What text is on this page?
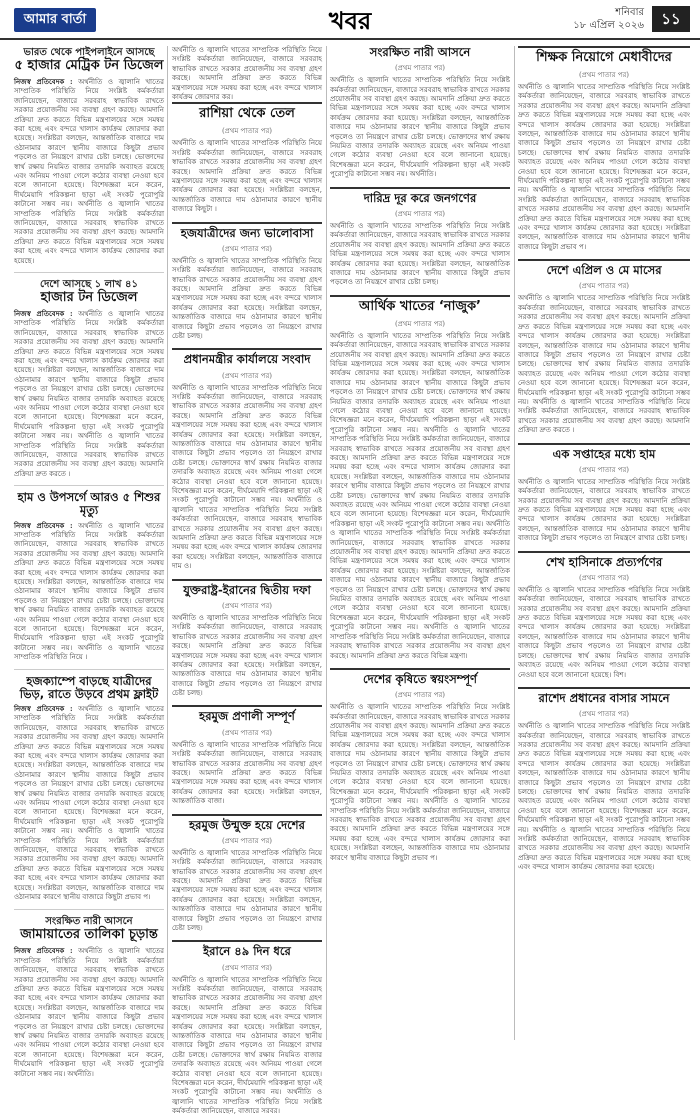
আমার বার্তা	খবর	শনিবার
১৮ এপ্রিল ২০২৬	১১
ভারত থেকে পাইপলাইনে আসছে
৫ হাজার মেট্রিক টন ডিজেল
নিজস্ব প্রতিবেদক : অর্থনীতি ও জ্বালানি খাতের সাম্প্রতিক পরিস্থিতি নিয়ে সংশ্লিষ্ট কর্মকর্তারা জানিয়েছেন, বাজারে সরবরাহ স্বাভাবিক রাখতে সরকার প্রয়োজনীয় সব ব্যবস্থা গ্রহণ করছে। আমদানি প্রক্রিয়া দ্রুত করতে বিভিন্ন মন্ত্রণালয়ের সঙ্গে সমন্বয় করা হচ্ছে এবং বন্দরে খালাস কার্যক্রম জোরদার করা হয়েছে। সংশ্লিষ্টরা বলছেন, আন্তর্জাতিক বাজারে দাম ওঠানামার কারণে স্থানীয় বাজারে কিছুটা প্রভাব পড়লেও তা নিয়ন্ত্রণে রাখার চেষ্টা চলছে। ভোক্তাদের স্বার্থ রক্ষায় নিয়মিত বাজার তদারকি অব্যাহত রয়েছে এবং অনিয়ম পাওয়া গেলে কঠোর ব্যবস্থা নেওয়া হবে বলে জানানো হয়েছে। বিশেষজ্ঞরা মনে করেন, দীর্ঘমেয়াদি পরিকল্পনা ছাড়া এই সংকট পুরোপুরি কাটানো সম্ভব নয়। অর্থনীতি ও জ্বালানি খাতের সাম্প্রতিক পরিস্থিতি নিয়ে সংশ্লিষ্ট কর্মকর্তারা জানিয়েছেন, বাজারে সরবরাহ স্বাভাবিক রাখতে সরকার প্রয়োজনীয় সব ব্যবস্থা গ্রহণ করছে। আমদানি প্রক্রিয়া দ্রুত করতে বিভিন্ন মন্ত্রণালয়ের সঙ্গে সমন্বয় করা হচ্ছে এবং বন্দরে খালাস কার্যক্রম জোরদার করা হয়েছে।
দেশে আসছে ১ লাখ ৪১
হাজার টন ডিজেল
নিজস্ব প্রতিবেদক : অর্থনীতি ও জ্বালানি খাতের সাম্প্রতিক পরিস্থিতি নিয়ে সংশ্লিষ্ট কর্মকর্তারা জানিয়েছেন, বাজারে সরবরাহ স্বাভাবিক রাখতে সরকার প্রয়োজনীয় সব ব্যবস্থা গ্রহণ করছে। আমদানি প্রক্রিয়া দ্রুত করতে বিভিন্ন মন্ত্রণালয়ের সঙ্গে সমন্বয় করা হচ্ছে এবং বন্দরে খালাস কার্যক্রম জোরদার করা হয়েছে। সংশ্লিষ্টরা বলছেন, আন্তর্জাতিক বাজারে দাম ওঠানামার কারণে স্থানীয় বাজারে কিছুটা প্রভাব পড়লেও তা নিয়ন্ত্রণে রাখার চেষ্টা চলছে। ভোক্তাদের স্বার্থ রক্ষায় নিয়মিত বাজার তদারকি অব্যাহত রয়েছে এবং অনিয়ম পাওয়া গেলে কঠোর ব্যবস্থা নেওয়া হবে বলে জানানো হয়েছে। বিশেষজ্ঞরা মনে করেন, দীর্ঘমেয়াদি পরিকল্পনা ছাড়া এই সংকট পুরোপুরি কাটানো সম্ভব নয়। অর্থনীতি ও জ্বালানি খাতের সাম্প্রতিক পরিস্থিতি নিয়ে সংশ্লিষ্ট কর্মকর্তারা জানিয়েছেন, বাজারে সরবরাহ স্বাভাবিক রাখতে সরকার প্রয়োজনীয় সব ব্যবস্থা গ্রহণ করছে। আমদানি প্রক্রিয়া দ্রুত করতে ।
হাম ও উপসর্গে আরও ৫ শিশুর মৃত্যু
নিজস্ব প্রতিবেদক : অর্থনীতি ও জ্বালানি খাতের সাম্প্রতিক পরিস্থিতি নিয়ে সংশ্লিষ্ট কর্মকর্তারা জানিয়েছেন, বাজারে সরবরাহ স্বাভাবিক রাখতে সরকার প্রয়োজনীয় সব ব্যবস্থা গ্রহণ করছে। আমদানি প্রক্রিয়া দ্রুত করতে বিভিন্ন মন্ত্রণালয়ের সঙ্গে সমন্বয় করা হচ্ছে এবং বন্দরে খালাস কার্যক্রম জোরদার করা হয়েছে। সংশ্লিষ্টরা বলছেন, আন্তর্জাতিক বাজারে দাম ওঠানামার কারণে স্থানীয় বাজারে কিছুটা প্রভাব পড়লেও তা নিয়ন্ত্রণে রাখার চেষ্টা চলছে। ভোক্তাদের স্বার্থ রক্ষায় নিয়মিত বাজার তদারকি অব্যাহত রয়েছে এবং অনিয়ম পাওয়া গেলে কঠোর ব্যবস্থা নেওয়া হবে বলে জানানো হয়েছে। বিশেষজ্ঞরা মনে করেন, দীর্ঘমেয়াদি পরিকল্পনা ছাড়া এই সংকট পুরোপুরি কাটানো সম্ভব নয়। অর্থনীতি ও জ্বালানি খাতের সাম্প্রতিক পরিস্থিতি নিয়ে ।
হজক্যাম্পে বাড়ছে যাত্রীদের ভিড়, রাতে উড়বে প্রথম ফ্লাইট
নিজস্ব প্রতিবেদক : অর্থনীতি ও জ্বালানি খাতের সাম্প্রতিক পরিস্থিতি নিয়ে সংশ্লিষ্ট কর্মকর্তারা জানিয়েছেন, বাজারে সরবরাহ স্বাভাবিক রাখতে সরকার প্রয়োজনীয় সব ব্যবস্থা গ্রহণ করছে। আমদানি প্রক্রিয়া দ্রুত করতে বিভিন্ন মন্ত্রণালয়ের সঙ্গে সমন্বয় করা হচ্ছে এবং বন্দরে খালাস কার্যক্রম জোরদার করা হয়েছে। সংশ্লিষ্টরা বলছেন, আন্তর্জাতিক বাজারে দাম ওঠানামার কারণে স্থানীয় বাজারে কিছুটা প্রভাব পড়লেও তা নিয়ন্ত্রণে রাখার চেষ্টা চলছে। ভোক্তাদের স্বার্থ রক্ষায় নিয়মিত বাজার তদারকি অব্যাহত রয়েছে এবং অনিয়ম পাওয়া গেলে কঠোর ব্যবস্থা নেওয়া হবে বলে জানানো হয়েছে। বিশেষজ্ঞরা মনে করেন, দীর্ঘমেয়াদি পরিকল্পনা ছাড়া এই সংকট পুরোপুরি কাটানো সম্ভব নয়। অর্থনীতি ও জ্বালানি খাতের সাম্প্রতিক পরিস্থিতি নিয়ে সংশ্লিষ্ট কর্মকর্তারা জানিয়েছেন, বাজারে সরবরাহ স্বাভাবিক রাখতে সরকার প্রয়োজনীয় সব ব্যবস্থা গ্রহণ করছে। আমদানি প্রক্রিয়া দ্রুত করতে বিভিন্ন মন্ত্রণালয়ের সঙ্গে সমন্বয় করা হচ্ছে এবং বন্দরে খালাস কার্যক্রম জোরদার করা হয়েছে। সংশ্লিষ্টরা বলছেন, আন্তর্জাতিক বাজারে দাম ওঠানামার কারণে স্থানীয় বাজারে কিছুটা প্রভাব প।
সংরক্ষিত নারী আসনে
জামায়াতের তালিকা চূড়ান্ত
নিজস্ব প্রতিবেদক : অর্থনীতি ও জ্বালানি খাতের সাম্প্রতিক পরিস্থিতি নিয়ে সংশ্লিষ্ট কর্মকর্তারা জানিয়েছেন, বাজারে সরবরাহ স্বাভাবিক রাখতে সরকার প্রয়োজনীয় সব ব্যবস্থা গ্রহণ করছে। আমদানি প্রক্রিয়া দ্রুত করতে বিভিন্ন মন্ত্রণালয়ের সঙ্গে সমন্বয় করা হচ্ছে এবং বন্দরে খালাস কার্যক্রম জোরদার করা হয়েছে। সংশ্লিষ্টরা বলছেন, আন্তর্জাতিক বাজারে দাম ওঠানামার কারণে স্থানীয় বাজারে কিছুটা প্রভাব পড়লেও তা নিয়ন্ত্রণে রাখার চেষ্টা চলছে। ভোক্তাদের স্বার্থ রক্ষায় নিয়মিত বাজার তদারকি অব্যাহত রয়েছে এবং অনিয়ম পাওয়া গেলে কঠোর ব্যবস্থা নেওয়া হবে বলে জানানো হয়েছে। বিশেষজ্ঞরা মনে করেন, দীর্ঘমেয়াদি পরিকল্পনা ছাড়া এই সংকট পুরোপুরি কাটানো সম্ভব নয়। অর্থনীতি।
অর্থনীতি ও জ্বালানি খাতের সাম্প্রতিক পরিস্থিতি নিয়ে সংশ্লিষ্ট কর্মকর্তারা জানিয়েছেন, বাজারে সরবরাহ স্বাভাবিক রাখতে সরকার প্রয়োজনীয় সব ব্যবস্থা গ্রহণ করছে। আমদানি প্রক্রিয়া দ্রুত করতে বিভিন্ন মন্ত্রণালয়ের সঙ্গে সমন্বয় করা হচ্ছে এবং বন্দরে খালাস কার্যক্রম জোরদার কর।
রাশিয়া থেকে তেল
(প্রথম পাতার পর)
অর্থনীতি ও জ্বালানি খাতের সাম্প্রতিক পরিস্থিতি নিয়ে সংশ্লিষ্ট কর্মকর্তারা জানিয়েছেন, বাজারে সরবরাহ স্বাভাবিক রাখতে সরকার প্রয়োজনীয় সব ব্যবস্থা গ্রহণ করছে। আমদানি প্রক্রিয়া দ্রুত করতে বিভিন্ন মন্ত্রণালয়ের সঙ্গে সমন্বয় করা হচ্ছে এবং বন্দরে খালাস কার্যক্রম জোরদার করা হয়েছে। সংশ্লিষ্টরা বলছেন, আন্তর্জাতিক বাজারে দাম ওঠানামার কারণে স্থানীয় বাজারে কিছুটা ।
হজযাত্রীদের জন্য ভালোবাসা
(প্রথম পাতার পর)
অর্থনীতি ও জ্বালানি খাতের সাম্প্রতিক পরিস্থিতি নিয়ে সংশ্লিষ্ট কর্মকর্তারা জানিয়েছেন, বাজারে সরবরাহ স্বাভাবিক রাখতে সরকার প্রয়োজনীয় সব ব্যবস্থা গ্রহণ করছে। আমদানি প্রক্রিয়া দ্রুত করতে বিভিন্ন মন্ত্রণালয়ের সঙ্গে সমন্বয় করা হচ্ছে এবং বন্দরে খালাস কার্যক্রম জোরদার করা হয়েছে। সংশ্লিষ্টরা বলছেন, আন্তর্জাতিক বাজারে দাম ওঠানামার কারণে স্থানীয় বাজারে কিছুটা প্রভাব পড়লেও তা নিয়ন্ত্রণে রাখার চেষ্টা চলছ।
প্রধানমন্ত্রীর কার্যালয়ে সংবাদ
(প্রথম পাতার পর)
অর্থনীতি ও জ্বালানি খাতের সাম্প্রতিক পরিস্থিতি নিয়ে সংশ্লিষ্ট কর্মকর্তারা জানিয়েছেন, বাজারে সরবরাহ স্বাভাবিক রাখতে সরকার প্রয়োজনীয় সব ব্যবস্থা গ্রহণ করছে। আমদানি প্রক্রিয়া দ্রুত করতে বিভিন্ন মন্ত্রণালয়ের সঙ্গে সমন্বয় করা হচ্ছে এবং বন্দরে খালাস কার্যক্রম জোরদার করা হয়েছে। সংশ্লিষ্টরা বলছেন, আন্তর্জাতিক বাজারে দাম ওঠানামার কারণে স্থানীয় বাজারে কিছুটা প্রভাব পড়লেও তা নিয়ন্ত্রণে রাখার চেষ্টা চলছে। ভোক্তাদের স্বার্থ রক্ষায় নিয়মিত বাজার তদারকি অব্যাহত রয়েছে এবং অনিয়ম পাওয়া গেলে কঠোর ব্যবস্থা নেওয়া হবে বলে জানানো হয়েছে। বিশেষজ্ঞরা মনে করেন, দীর্ঘমেয়াদি পরিকল্পনা ছাড়া এই সংকট পুরোপুরি কাটানো সম্ভব নয়। অর্থনীতি ও জ্বালানি খাতের সাম্প্রতিক পরিস্থিতি নিয়ে সংশ্লিষ্ট কর্মকর্তারা জানিয়েছেন, বাজারে সরবরাহ স্বাভাবিক রাখতে সরকার প্রয়োজনীয় সব ব্যবস্থা গ্রহণ করছে। আমদানি প্রক্রিয়া দ্রুত করতে বিভিন্ন মন্ত্রণালয়ের সঙ্গে সমন্বয় করা হচ্ছে এবং বন্দরে খালাস কার্যক্রম জোরদার করা হয়েছে। সংশ্লিষ্টরা বলছেন, আন্তর্জাতিক বাজারে দাম ও।
যুক্তরাষ্ট্র-ইরানের দ্বিতীয় দফা
(প্রথম পাতার পর)
অর্থনীতি ও জ্বালানি খাতের সাম্প্রতিক পরিস্থিতি নিয়ে সংশ্লিষ্ট কর্মকর্তারা জানিয়েছেন, বাজারে সরবরাহ স্বাভাবিক রাখতে সরকার প্রয়োজনীয় সব ব্যবস্থা গ্রহণ করছে। আমদানি প্রক্রিয়া দ্রুত করতে বিভিন্ন মন্ত্রণালয়ের সঙ্গে সমন্বয় করা হচ্ছে এবং বন্দরে খালাস কার্যক্রম জোরদার করা হয়েছে। সংশ্লিষ্টরা বলছেন, আন্তর্জাতিক বাজারে দাম ওঠানামার কারণে স্থানীয় বাজারে কিছুটা প্রভাব পড়লেও তা নিয়ন্ত্রণে রাখার চেষ্টা চলছ।
হরমুজ প্রণালী সম্পূর্ণ
(প্রথম পাতার পর)
অর্থনীতি ও জ্বালানি খাতের সাম্প্রতিক পরিস্থিতি নিয়ে সংশ্লিষ্ট কর্মকর্তারা জানিয়েছেন, বাজারে সরবরাহ স্বাভাবিক রাখতে সরকার প্রয়োজনীয় সব ব্যবস্থা গ্রহণ করছে। আমদানি প্রক্রিয়া দ্রুত করতে বিভিন্ন মন্ত্রণালয়ের সঙ্গে সমন্বয় করা হচ্ছে এবং বন্দরে খালাস কার্যক্রম জোরদার করা হয়েছে। সংশ্লিষ্টরা বলছেন, আন্তর্জাতিক বাজা।
হরমুজ উন্মুক্ত হয়ে দেশের
(প্রথম পাতার পর)
অর্থনীতি ও জ্বালানি খাতের সাম্প্রতিক পরিস্থিতি নিয়ে সংশ্লিষ্ট কর্মকর্তারা জানিয়েছেন, বাজারে সরবরাহ স্বাভাবিক রাখতে সরকার প্রয়োজনীয় সব ব্যবস্থা গ্রহণ করছে। আমদানি প্রক্রিয়া দ্রুত করতে বিভিন্ন মন্ত্রণালয়ের সঙ্গে সমন্বয় করা হচ্ছে এবং বন্দরে খালাস কার্যক্রম জোরদার করা হয়েছে। সংশ্লিষ্টরা বলছেন, আন্তর্জাতিক বাজারে দাম ওঠানামার কারণে স্থানীয় বাজারে কিছুটা প্রভাব পড়লেও তা নিয়ন্ত্রণে রাখার চেষ্টা চলছ।
ইরানে ৪৯ দিন ধরে
(প্রথম পাতার পর)
অর্থনীতি ও জ্বালানি খাতের সাম্প্রতিক পরিস্থিতি নিয়ে সংশ্লিষ্ট কর্মকর্তারা জানিয়েছেন, বাজারে সরবরাহ স্বাভাবিক রাখতে সরকার প্রয়োজনীয় সব ব্যবস্থা গ্রহণ করছে। আমদানি প্রক্রিয়া দ্রুত করতে বিভিন্ন মন্ত্রণালয়ের সঙ্গে সমন্বয় করা হচ্ছে এবং বন্দরে খালাস কার্যক্রম জোরদার করা হয়েছে। সংশ্লিষ্টরা বলছেন, আন্তর্জাতিক বাজারে দাম ওঠানামার কারণে স্থানীয় বাজারে কিছুটা প্রভাব পড়লেও তা নিয়ন্ত্রণে রাখার চেষ্টা চলছে। ভোক্তাদের স্বার্থ রক্ষায় নিয়মিত বাজার তদারকি অব্যাহত রয়েছে এবং অনিয়ম পাওয়া গেলে কঠোর ব্যবস্থা নেওয়া হবে বলে জানানো হয়েছে। বিশেষজ্ঞরা মনে করেন, দীর্ঘমেয়াদি পরিকল্পনা ছাড়া এই সংকট পুরোপুরি কাটানো সম্ভব নয়। অর্থনীতি ও জ্বালানি খাতের সাম্প্রতিক পরিস্থিতি নিয়ে সংশ্লিষ্ট কর্মকর্তারা জানিয়েছেন, বাজারে সরবর।
সংরক্ষিত নারী আসনে
(প্রথম পাতার পর)
অর্থনীতি ও জ্বালানি খাতের সাম্প্রতিক পরিস্থিতি নিয়ে সংশ্লিষ্ট কর্মকর্তারা জানিয়েছেন, বাজারে সরবরাহ স্বাভাবিক রাখতে সরকার প্রয়োজনীয় সব ব্যবস্থা গ্রহণ করছে। আমদানি প্রক্রিয়া দ্রুত করতে বিভিন্ন মন্ত্রণালয়ের সঙ্গে সমন্বয় করা হচ্ছে এবং বন্দরে খালাস কার্যক্রম জোরদার করা হয়েছে। সংশ্লিষ্টরা বলছেন, আন্তর্জাতিক বাজারে দাম ওঠানামার কারণে স্থানীয় বাজারে কিছুটা প্রভাব পড়লেও তা নিয়ন্ত্রণে রাখার চেষ্টা চলছে। ভোক্তাদের স্বার্থ রক্ষায় নিয়মিত বাজার তদারকি অব্যাহত রয়েছে এবং অনিয়ম পাওয়া গেলে কঠোর ব্যবস্থা নেওয়া হবে বলে জানানো হয়েছে। বিশেষজ্ঞরা মনে করেন, দীর্ঘমেয়াদি পরিকল্পনা ছাড়া এই সংকট পুরোপুরি কাটানো সম্ভব নয়। অর্থনীতি।
দারিদ্র দূর করে জনগণের
(প্রথম পাতার পর)
অর্থনীতি ও জ্বালানি খাতের সাম্প্রতিক পরিস্থিতি নিয়ে সংশ্লিষ্ট কর্মকর্তারা জানিয়েছেন, বাজারে সরবরাহ স্বাভাবিক রাখতে সরকার প্রয়োজনীয় সব ব্যবস্থা গ্রহণ করছে। আমদানি প্রক্রিয়া দ্রুত করতে বিভিন্ন মন্ত্রণালয়ের সঙ্গে সমন্বয় করা হচ্ছে এবং বন্দরে খালাস কার্যক্রম জোরদার করা হয়েছে। সংশ্লিষ্টরা বলছেন, আন্তর্জাতিক বাজারে দাম ওঠানামার কারণে স্থানীয় বাজারে কিছুটা প্রভাব পড়লেও তা নিয়ন্ত্রণে রাখার চেষ্টা চলছ।
আর্থিক খাতের ‘নাজুক’
(প্রথম পাতার পর)
অর্থনীতি ও জ্বালানি খাতের সাম্প্রতিক পরিস্থিতি নিয়ে সংশ্লিষ্ট কর্মকর্তারা জানিয়েছেন, বাজারে সরবরাহ স্বাভাবিক রাখতে সরকার প্রয়োজনীয় সব ব্যবস্থা গ্রহণ করছে। আমদানি প্রক্রিয়া দ্রুত করতে বিভিন্ন মন্ত্রণালয়ের সঙ্গে সমন্বয় করা হচ্ছে এবং বন্দরে খালাস কার্যক্রম জোরদার করা হয়েছে। সংশ্লিষ্টরা বলছেন, আন্তর্জাতিক বাজারে দাম ওঠানামার কারণে স্থানীয় বাজারে কিছুটা প্রভাব পড়লেও তা নিয়ন্ত্রণে রাখার চেষ্টা চলছে। ভোক্তাদের স্বার্থ রক্ষায় নিয়মিত বাজার তদারকি অব্যাহত রয়েছে এবং অনিয়ম পাওয়া গেলে কঠোর ব্যবস্থা নেওয়া হবে বলে জানানো হয়েছে। বিশেষজ্ঞরা মনে করেন, দীর্ঘমেয়াদি পরিকল্পনা ছাড়া এই সংকট পুরোপুরি কাটানো সম্ভব নয়। অর্থনীতি ও জ্বালানি খাতের সাম্প্রতিক পরিস্থিতি নিয়ে সংশ্লিষ্ট কর্মকর্তারা জানিয়েছেন, বাজারে সরবরাহ স্বাভাবিক রাখতে সরকার প্রয়োজনীয় সব ব্যবস্থা গ্রহণ করছে। আমদানি প্রক্রিয়া দ্রুত করতে বিভিন্ন মন্ত্রণালয়ের সঙ্গে সমন্বয় করা হচ্ছে এবং বন্দরে খালাস কার্যক্রম জোরদার করা হয়েছে। সংশ্লিষ্টরা বলছেন, আন্তর্জাতিক বাজারে দাম ওঠানামার কারণে স্থানীয় বাজারে কিছুটা প্রভাব পড়লেও তা নিয়ন্ত্রণে রাখার চেষ্টা চলছে। ভোক্তাদের স্বার্থ রক্ষায় নিয়মিত বাজার তদারকি অব্যাহত রয়েছে এবং অনিয়ম পাওয়া গেলে কঠোর ব্যবস্থা নেওয়া হবে বলে জানানো হয়েছে। বিশেষজ্ঞরা মনে করেন, দীর্ঘমেয়াদি পরিকল্পনা ছাড়া এই সংকট পুরোপুরি কাটানো সম্ভব নয়। অর্থনীতি ও জ্বালানি খাতের সাম্প্রতিক পরিস্থিতি নিয়ে সংশ্লিষ্ট কর্মকর্তারা জানিয়েছেন, বাজারে সরবরাহ স্বাভাবিক রাখতে সরকার প্রয়োজনীয় সব ব্যবস্থা গ্রহণ করছে। আমদানি প্রক্রিয়া দ্রুত করতে বিভিন্ন মন্ত্রণালয়ের সঙ্গে সমন্বয় করা হচ্ছে এবং বন্দরে খালাস কার্যক্রম জোরদার করা হয়েছে। সংশ্লিষ্টরা বলছেন, আন্তর্জাতিক বাজারে দাম ওঠানামার কারণে স্থানীয় বাজারে কিছুটা প্রভাব পড়লেও তা নিয়ন্ত্রণে রাখার চেষ্টা চলছে। ভোক্তাদের স্বার্থ রক্ষায় নিয়মিত বাজার তদারকি অব্যাহত রয়েছে এবং অনিয়ম পাওয়া গেলে কঠোর ব্যবস্থা নেওয়া হবে বলে জানানো হয়েছে। বিশেষজ্ঞরা মনে করেন, দীর্ঘমেয়াদি পরিকল্পনা ছাড়া এই সংকট পুরোপুরি কাটানো সম্ভব নয়। অর্থনীতি ও জ্বালানি খাতের সাম্প্রতিক পরিস্থিতি নিয়ে সংশ্লিষ্ট কর্মকর্তারা জানিয়েছেন, বাজারে সরবরাহ স্বাভাবিক রাখতে সরকার প্রয়োজনীয় সব ব্যবস্থা গ্রহণ করছে। আমদানি প্রক্রিয়া দ্রুত করতে বিভিন্ন মন্ত্রণা।
দেশের কৃষিতে স্বয়ংসম্পূর্ণ
(প্রথম পাতার পর)
অর্থনীতি ও জ্বালানি খাতের সাম্প্রতিক পরিস্থিতি নিয়ে সংশ্লিষ্ট কর্মকর্তারা জানিয়েছেন, বাজারে সরবরাহ স্বাভাবিক রাখতে সরকার প্রয়োজনীয় সব ব্যবস্থা গ্রহণ করছে। আমদানি প্রক্রিয়া দ্রুত করতে বিভিন্ন মন্ত্রণালয়ের সঙ্গে সমন্বয় করা হচ্ছে এবং বন্দরে খালাস কার্যক্রম জোরদার করা হয়েছে। সংশ্লিষ্টরা বলছেন, আন্তর্জাতিক বাজারে দাম ওঠানামার কারণে স্থানীয় বাজারে কিছুটা প্রভাব পড়লেও তা নিয়ন্ত্রণে রাখার চেষ্টা চলছে। ভোক্তাদের স্বার্থ রক্ষায় নিয়মিত বাজার তদারকি অব্যাহত রয়েছে এবং অনিয়ম পাওয়া গেলে কঠোর ব্যবস্থা নেওয়া হবে বলে জানানো হয়েছে। বিশেষজ্ঞরা মনে করেন, দীর্ঘমেয়াদি পরিকল্পনা ছাড়া এই সংকট পুরোপুরি কাটানো সম্ভব নয়। অর্থনীতি ও জ্বালানি খাতের সাম্প্রতিক পরিস্থিতি নিয়ে সংশ্লিষ্ট কর্মকর্তারা জানিয়েছেন, বাজারে সরবরাহ স্বাভাবিক রাখতে সরকার প্রয়োজনীয় সব ব্যবস্থা গ্রহণ করছে। আমদানি প্রক্রিয়া দ্রুত করতে বিভিন্ন মন্ত্রণালয়ের সঙ্গে সমন্বয় করা হচ্ছে এবং বন্দরে খালাস কার্যক্রম জোরদার করা হয়েছে। সংশ্লিষ্টরা বলছেন, আন্তর্জাতিক বাজারে দাম ওঠানামার কারণে স্থানীয় বাজারে কিছুটা প্রভাব প।
শিক্ষক নিয়োগে মেধাবীদের
(প্রথম পাতার পর)
অর্থনীতি ও জ্বালানি খাতের সাম্প্রতিক পরিস্থিতি নিয়ে সংশ্লিষ্ট কর্মকর্তারা জানিয়েছেন, বাজারে সরবরাহ স্বাভাবিক রাখতে সরকার প্রয়োজনীয় সব ব্যবস্থা গ্রহণ করছে। আমদানি প্রক্রিয়া দ্রুত করতে বিভিন্ন মন্ত্রণালয়ের সঙ্গে সমন্বয় করা হচ্ছে এবং বন্দরে খালাস কার্যক্রম জোরদার করা হয়েছে। সংশ্লিষ্টরা বলছেন, আন্তর্জাতিক বাজারে দাম ওঠানামার কারণে স্থানীয় বাজারে কিছুটা প্রভাব পড়লেও তা নিয়ন্ত্রণে রাখার চেষ্টা চলছে। ভোক্তাদের স্বার্থ রক্ষায় নিয়মিত বাজার তদারকি অব্যাহত রয়েছে এবং অনিয়ম পাওয়া গেলে কঠোর ব্যবস্থা নেওয়া হবে বলে জানানো হয়েছে। বিশেষজ্ঞরা মনে করেন, দীর্ঘমেয়াদি পরিকল্পনা ছাড়া এই সংকট পুরোপুরি কাটানো সম্ভব নয়। অর্থনীতি ও জ্বালানি খাতের সাম্প্রতিক পরিস্থিতি নিয়ে সংশ্লিষ্ট কর্মকর্তারা জানিয়েছেন, বাজারে সরবরাহ স্বাভাবিক রাখতে সরকার প্রয়োজনীয় সব ব্যবস্থা গ্রহণ করছে। আমদানি প্রক্রিয়া দ্রুত করতে বিভিন্ন মন্ত্রণালয়ের সঙ্গে সমন্বয় করা হচ্ছে এবং বন্দরে খালাস কার্যক্রম জোরদার করা হয়েছে। সংশ্লিষ্টরা বলছেন, আন্তর্জাতিক বাজারে দাম ওঠানামার কারণে স্থানীয় বাজারে কিছুটা প্রভাব প।
দেশে এপ্রিল ও মে মাসের
(প্রথম পাতার পর)
অর্থনীতি ও জ্বালানি খাতের সাম্প্রতিক পরিস্থিতি নিয়ে সংশ্লিষ্ট কর্মকর্তারা জানিয়েছেন, বাজারে সরবরাহ স্বাভাবিক রাখতে সরকার প্রয়োজনীয় সব ব্যবস্থা গ্রহণ করছে। আমদানি প্রক্রিয়া দ্রুত করতে বিভিন্ন মন্ত্রণালয়ের সঙ্গে সমন্বয় করা হচ্ছে এবং বন্দরে খালাস কার্যক্রম জোরদার করা হয়েছে। সংশ্লিষ্টরা বলছেন, আন্তর্জাতিক বাজারে দাম ওঠানামার কারণে স্থানীয় বাজারে কিছুটা প্রভাব পড়লেও তা নিয়ন্ত্রণে রাখার চেষ্টা চলছে। ভোক্তাদের স্বার্থ রক্ষায় নিয়মিত বাজার তদারকি অব্যাহত রয়েছে এবং অনিয়ম পাওয়া গেলে কঠোর ব্যবস্থা নেওয়া হবে বলে জানানো হয়েছে। বিশেষজ্ঞরা মনে করেন, দীর্ঘমেয়াদি পরিকল্পনা ছাড়া এই সংকট পুরোপুরি কাটানো সম্ভব নয়। অর্থনীতি ও জ্বালানি খাতের সাম্প্রতিক পরিস্থিতি নিয়ে সংশ্লিষ্ট কর্মকর্তারা জানিয়েছেন, বাজারে সরবরাহ স্বাভাবিক রাখতে সরকার প্রয়োজনীয় সব ব্যবস্থা গ্রহণ করছে। আমদানি প্রক্রিয়া দ্রুত করতে ।
এক সপ্তাহের মধ্যে হাম
(প্রথম পাতার পর)
অর্থনীতি ও জ্বালানি খাতের সাম্প্রতিক পরিস্থিতি নিয়ে সংশ্লিষ্ট কর্মকর্তারা জানিয়েছেন, বাজারে সরবরাহ স্বাভাবিক রাখতে সরকার প্রয়োজনীয় সব ব্যবস্থা গ্রহণ করছে। আমদানি প্রক্রিয়া দ্রুত করতে বিভিন্ন মন্ত্রণালয়ের সঙ্গে সমন্বয় করা হচ্ছে এবং বন্দরে খালাস কার্যক্রম জোরদার করা হয়েছে। সংশ্লিষ্টরা বলছেন, আন্তর্জাতিক বাজারে দাম ওঠানামার কারণে স্থানীয় বাজারে কিছুটা প্রভাব পড়লেও তা নিয়ন্ত্রণে রাখার চেষ্টা চলছ।
শেখ হাসিনাকে প্রত্যর্পণের
(প্রথম পাতার পর)
অর্থনীতি ও জ্বালানি খাতের সাম্প্রতিক পরিস্থিতি নিয়ে সংশ্লিষ্ট কর্মকর্তারা জানিয়েছেন, বাজারে সরবরাহ স্বাভাবিক রাখতে সরকার প্রয়োজনীয় সব ব্যবস্থা গ্রহণ করছে। আমদানি প্রক্রিয়া দ্রুত করতে বিভিন্ন মন্ত্রণালয়ের সঙ্গে সমন্বয় করা হচ্ছে এবং বন্দরে খালাস কার্যক্রম জোরদার করা হয়েছে। সংশ্লিষ্টরা বলছেন, আন্তর্জাতিক বাজারে দাম ওঠানামার কারণে স্থানীয় বাজারে কিছুটা প্রভাব পড়লেও তা নিয়ন্ত্রণে রাখার চেষ্টা চলছে। ভোক্তাদের স্বার্থ রক্ষায় নিয়মিত বাজার তদারকি অব্যাহত রয়েছে এবং অনিয়ম পাওয়া গেলে কঠোর ব্যবস্থা নেওয়া হবে বলে জানানো হয়েছে। বিশ।
রাশেদ প্রধানের বাসার সামনে
(প্রথম পাতার পর)
অর্থনীতি ও জ্বালানি খাতের সাম্প্রতিক পরিস্থিতি নিয়ে সংশ্লিষ্ট কর্মকর্তারা জানিয়েছেন, বাজারে সরবরাহ স্বাভাবিক রাখতে সরকার প্রয়োজনীয় সব ব্যবস্থা গ্রহণ করছে। আমদানি প্রক্রিয়া দ্রুত করতে বিভিন্ন মন্ত্রণালয়ের সঙ্গে সমন্বয় করা হচ্ছে এবং বন্দরে খালাস কার্যক্রম জোরদার করা হয়েছে। সংশ্লিষ্টরা বলছেন, আন্তর্জাতিক বাজারে দাম ওঠানামার কারণে স্থানীয় বাজারে কিছুটা প্রভাব পড়লেও তা নিয়ন্ত্রণে রাখার চেষ্টা চলছে। ভোক্তাদের স্বার্থ রক্ষায় নিয়মিত বাজার তদারকি অব্যাহত রয়েছে এবং অনিয়ম পাওয়া গেলে কঠোর ব্যবস্থা নেওয়া হবে বলে জানানো হয়েছে। বিশেষজ্ঞরা মনে করেন, দীর্ঘমেয়াদি পরিকল্পনা ছাড়া এই সংকট পুরোপুরি কাটানো সম্ভব নয়। অর্থনীতি ও জ্বালানি খাতের সাম্প্রতিক পরিস্থিতি নিয়ে সংশ্লিষ্ট কর্মকর্তারা জানিয়েছেন, বাজারে সরবরাহ স্বাভাবিক রাখতে সরকার প্রয়োজনীয় সব ব্যবস্থা গ্রহণ করছে। আমদানি প্রক্রিয়া দ্রুত করতে বিভিন্ন মন্ত্রণালয়ের সঙ্গে সমন্বয় করা হচ্ছে এবং বন্দরে খালাস কার্যক্রম জোরদার করা হয়েছে।
